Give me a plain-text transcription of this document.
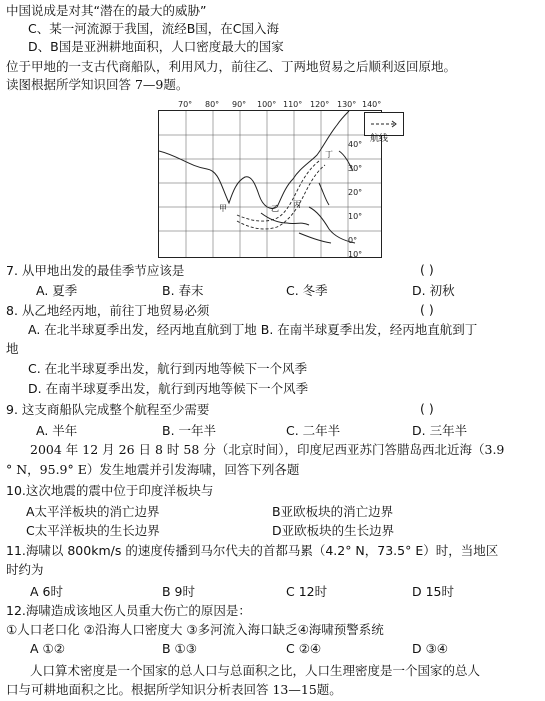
中国说成是对其“潜在的最大的威胁”
C、某一河流源于我国，流经B国，在C国入海
D、B国是亚洲耕地面积，人口密度最大的国家
位于甲地的一支古代商船队，利用风力，前往乙、丁两地贸易之后顺利返回原地。
读图根据所学知识回答 7—9题。
甲	乙 丙
丁
70° 80° 90° 100° 110° 120° 130° 140°
40°
30°
20°
10°
0°
10°
航线
7. 从甲地出发的最佳季节应该是	( )
A. 夏季	B. 春末	C. 冬季	D. 初秋
8. 从乙地经丙地，前往丁地贸易必须	( )
A. 在北半球夏季出发，经丙地直航到丁地 B. 在南半球夏季出发，经丙地直航到丁
地
C. 在北半球夏季出发，航行到丙地等候下一个风季
D. 在南半球夏季出发，航行到丙地等候下一个风季
9. 这支商船队完成整个航程至少需要	( )
A. 半年	B. 一年半	C. 二年半	D. 三年半
2004 年 12 月 26 日 8 时 58 分（北京时间），印度尼西亚苏门答腊岛西北近海（3.9
° N，95.9° E）发生地震并引发海啸，回答下列各题
10.这次地震的震中位于印度洋板块与
A太平洋板块的消亡边界	B亚欧板块的消亡边界
C太平洋板块的生长边界	D亚欧板块的生长边界
11.海啸以 800km/s 的速度传播到马尔代夫的首都马累（4.2° N，73.5° E）时，当地区
时约为
A 6时	B 9时	C 12时	D 15时
12.海啸造成该地区人员重大伤亡的原因是：
①人口老口化 ②沿海人口密度大 ③多河流入海口缺乏④海啸预警系统
A ①②	B ①③	C ②④	D ③④
人口算术密度是一个国家的总人口与总面积之比，人口生理密度是一个国家的总人
口与可耕地面积之比。根据所学知识分析表回答 13—15题。
